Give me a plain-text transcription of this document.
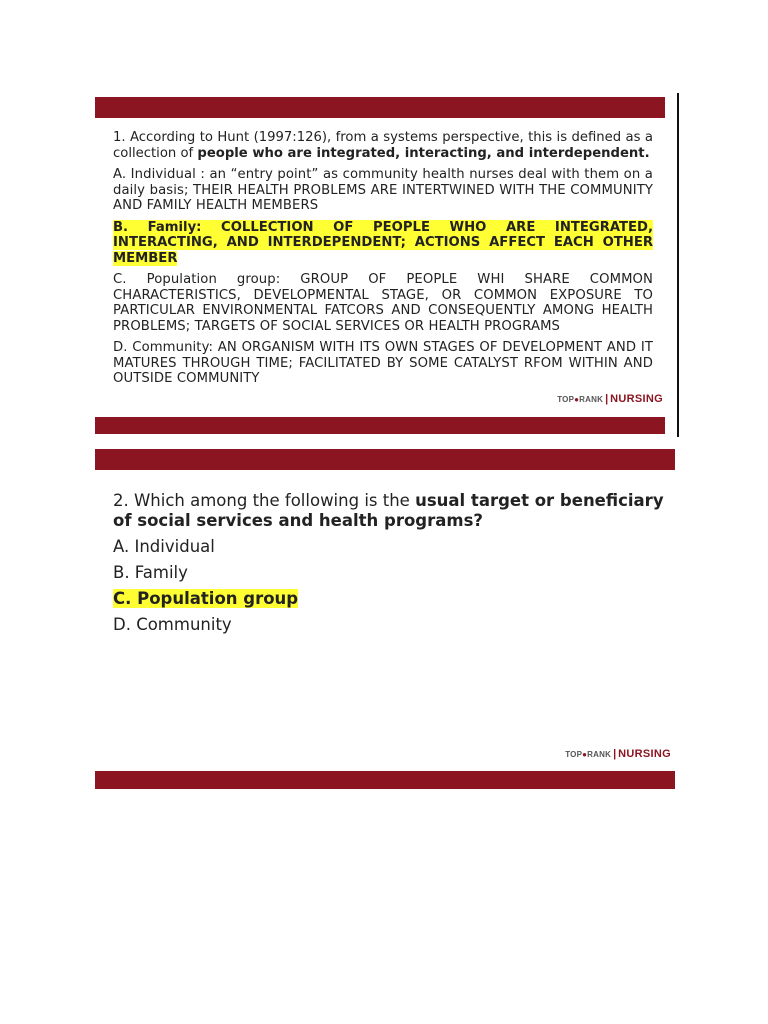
1. According to Hunt (1997:126), from a systems perspective, this is defined as a collection of people who are integrated, interacting, and interdependent.

A. Individual : an “entry point” as community health nurses deal with them on a daily basis; THEIR HEALTH PROBLEMS ARE INTERTWINED WITH THE COMMUNITY AND FAMILY HEALTH MEMBERS

B. Family: COLLECTION OF PEOPLE WHO ARE INTEGRATED, INTERACTING, AND INTERDEPENDENT; ACTIONS AFFECT EACH OTHER MEMBER

C. Population group: GROUP OF PEOPLE WHI SHARE COMMON CHARACTERISTICS, DEVELOPMENTAL STAGE, OR COMMON EXPOSURE TO PARTICULAR ENVIRONMENTAL FATCORS AND CONSEQUENTLY AMONG HEALTH PROBLEMS; TARGETS OF SOCIAL SERVICES OR HEALTH PROGRAMS

D. Community: AN ORGANISM WITH ITS OWN STAGES OF DEVELOPMENT AND IT MATURES THROUGH TIME; FACILITATED BY SOME CATALYST RFOM WITHIN AND OUTSIDE COMMUNITY

TOP ● RANK | NURSING

2. Which among the following is the usual target or beneficiary of social services and health programs?

A. Individual
B. Family
C. Population group
D. Community
TOP ● RANK | NURSING
